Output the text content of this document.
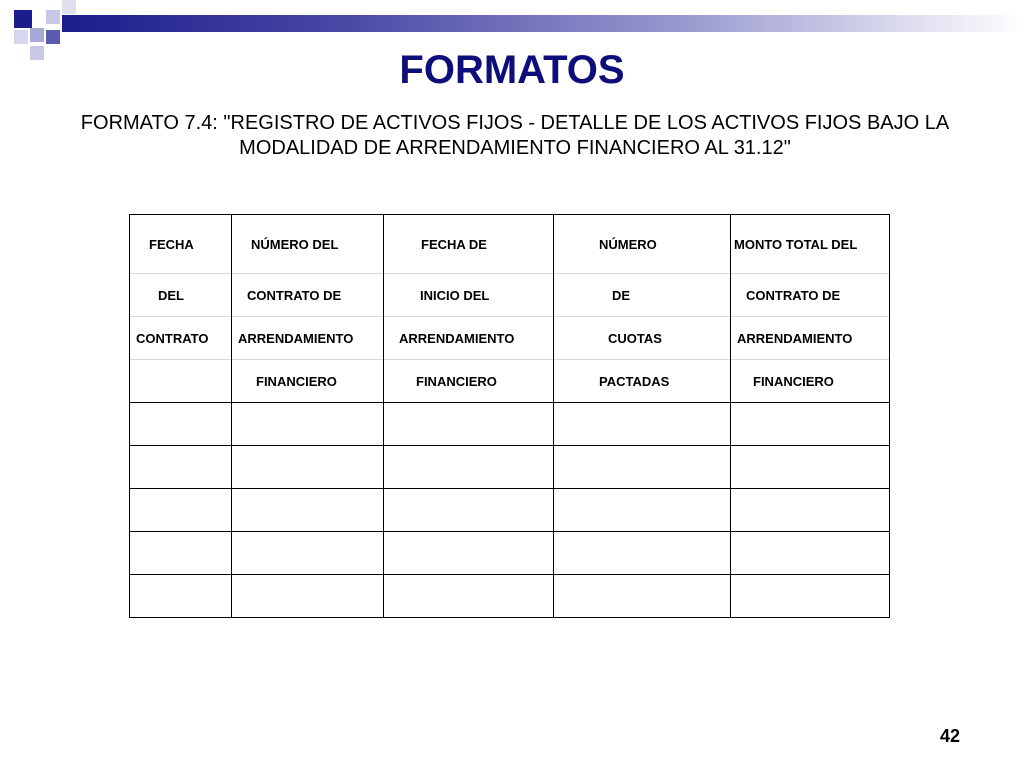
FORMATOS
FORMATO 7.4: "REGISTRO DE ACTIVOS FIJOS - DETALLE DE LOS ACTIVOS FIJOS BAJO LA
MODALIDAD DE ARRENDAMIENTO FINANCIERO AL 31.12"
FECHA	NÚMERO DEL	FECHA DE	NÚMERO	MONTO TOTAL DEL
DEL	CONTRATO DE	INICIO DEL	DE	CONTRATO DE
CONTRATO	ARRENDAMIENTO	ARRENDAMIENTO	CUOTAS	ARRENDAMIENTO
	FINANCIERO	FINANCIERO	PACTADAS	FINANCIERO

42
